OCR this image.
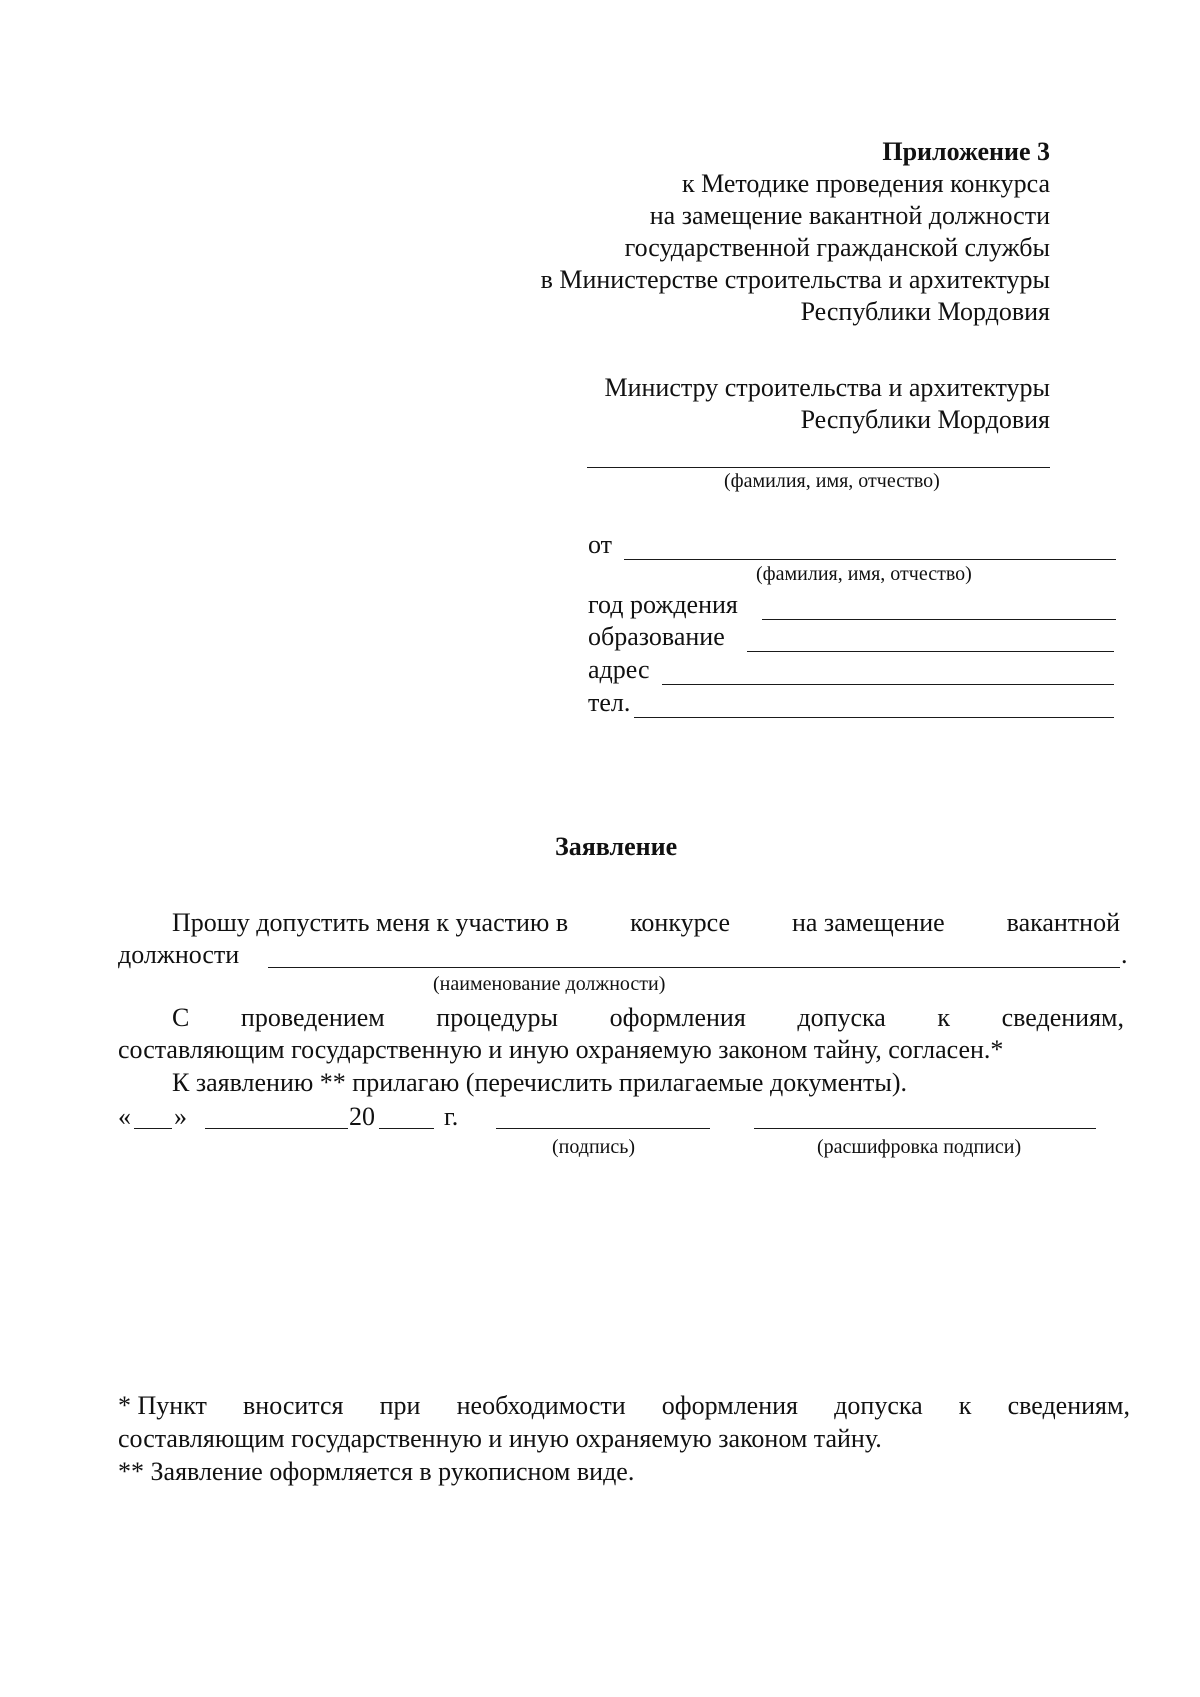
Приложение 3
к Методике проведения конкурса
на замещение вакантной должности
государственной гражданской службы
в Министерстве строительства и архитектуры
Республики Мордовия
Министру строительства и архитектуры
Республики Мордовия
(фамилия, имя, отчество)
от
(фамилия, имя, отчество)
год рождения
образование
адрес
тел.
Заявление
Прошу допустить меня к участию в конкурсе на замещение вакантной
должности	.
(наименование должности)
С проведением процедуры оформления допуска к сведениям,
составляющим государственную и иную охраняемую законом тайну, согласен.*
К заявлению ** прилагаю (перечислить прилагаемые документы).
« »	20	г.
(подпись)	(расшифровка подписи)
* Пункт вносится при необходимости оформления допуска к сведениям,
составляющим государственную и иную охраняемую законом тайну.
** Заявление оформляется в рукописном виде.
